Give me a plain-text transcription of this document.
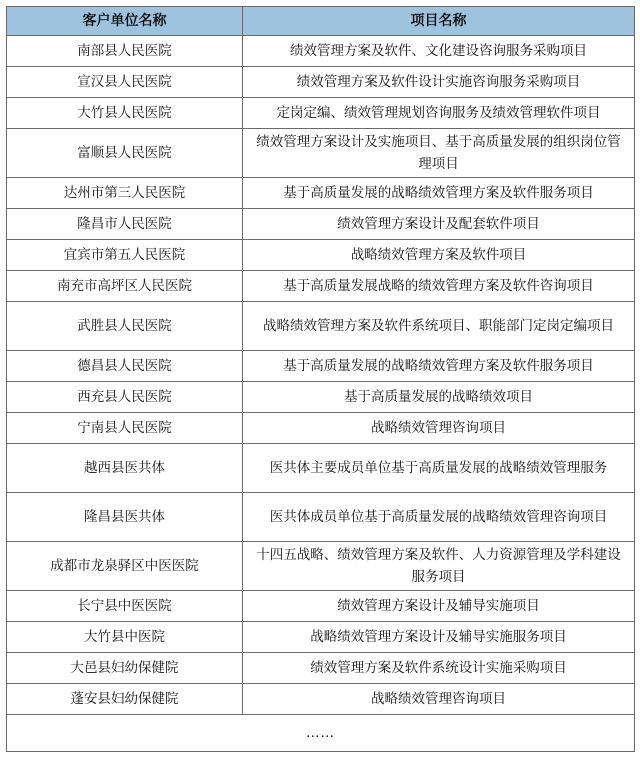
客户单位名称	项目名称
南部县人民医院	绩效管理方案及软件、文化建设咨询服务采购项目
宣汉县人民医院	绩效管理方案及软件设计实施咨询服务采购项目
大竹县人民医院	定岗定编、绩效管理规划咨询服务及绩效管理软件项目
富顺县人民医院	绩效管理方案设计及实施项目、基于高质量发展的组织岗位管理项目
达州市第三人民医院	基于高质量发展的战略绩效管理方案及软件服务项目
隆昌市人民医院	绩效管理方案设计及配套软件项目
宜宾市第五人民医院	战略绩效管理方案及软件项目
南充市高坪区人民医院	基于高质量发展战略的绩效管理方案及软件咨询项目
武胜县人民医院	战略绩效管理方案及软件系统项目、职能部门定岗定编项目
德昌县人民医院	基于高质量发展的战略绩效管理方案及软件服务项目
西充县人民医院	基于高质量发展的战略绩效项目
宁南县人民医院	战略绩效管理咨询项目
越西县医共体	医共体主要成员单位基于高质量发展的战略绩效管理服务
隆昌县医共体	医共体成员单位基于高质量发展的战略绩效管理咨询项目
成都市龙泉驿区中医医院	十四五战略、绩效管理方案及软件、人力资源管理及学科建设服务项目
长宁县中医医院	绩效管理方案设计及辅导实施项目
大竹县中医院	战略绩效管理方案设计及辅导实施服务项目
大邑县妇幼保健院	绩效管理方案及软件系统设计实施采购项目
蓬安县妇幼保健院	战略绩效管理咨询项目
……	
